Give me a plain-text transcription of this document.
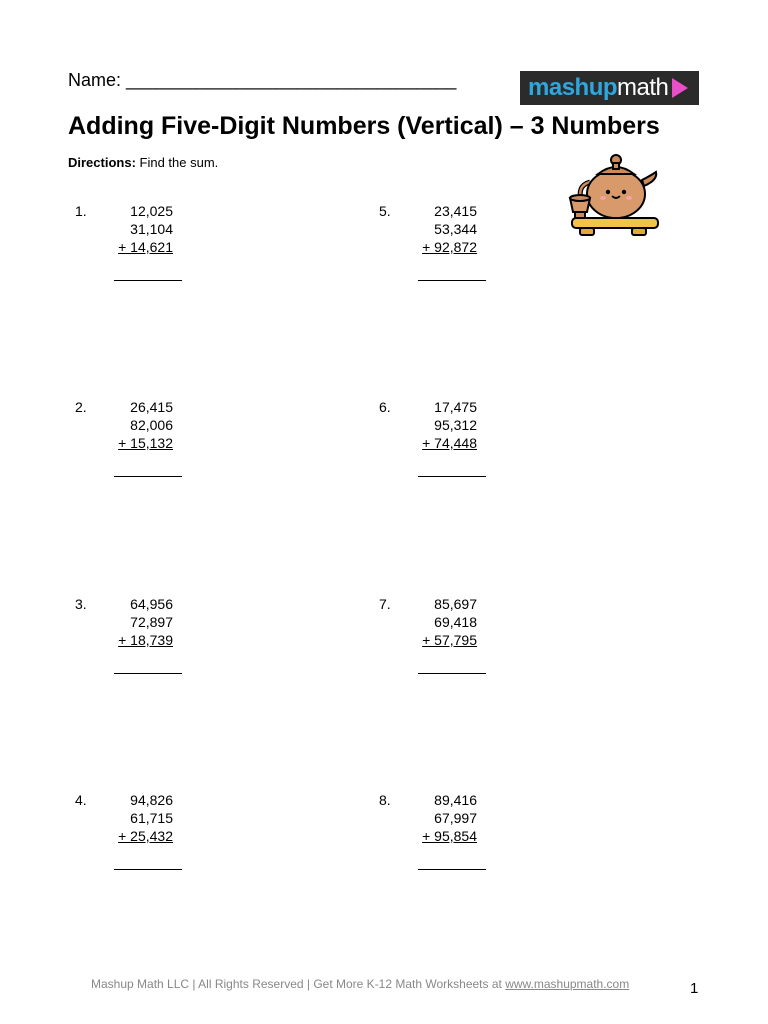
Name: _________________________________	mashupmath
Adding Five-Digit Numbers (Vertical) – 3 Numbers
Directions: Find the sum.
1.	12,025
31,104
+ 14,621
2.	26,415
82,006
+ 15,132
3.	64,956
72,897
+ 18,739
4.	94,826
61,715
+ 25,432
5.	23,415
53,344
+ 92,872
6.	17,475
95,312
+ 74,448
7.	85,697
69,418
+ 57,795
8.	89,416
67,997
+ 95,854
Mashup Math LLC | All Rights Reserved | Get More K-12 Math Worksheets at www.mashupmath.com	1
